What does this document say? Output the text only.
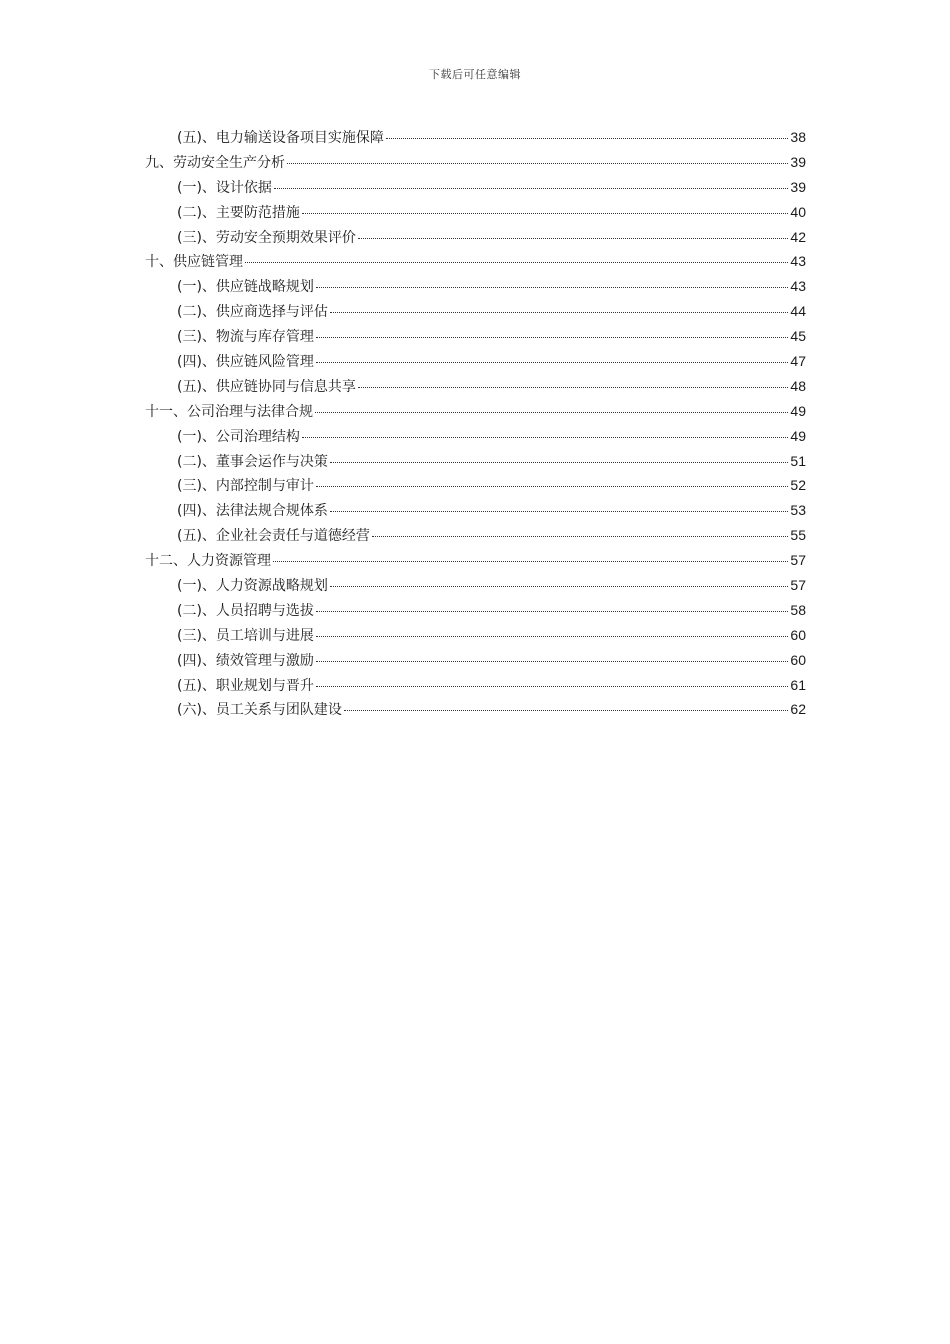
下载后可任意编辑
(五)、电力输送设备项目实施保障	38
九、劳动安全生产分析	39
(一)、设计依据	39
(二)、主要防范措施	40
(三)、劳动安全预期效果评价	42
十、供应链管理	43
(一)、供应链战略规划	43
(二)、供应商选择与评估	44
(三)、物流与库存管理	45
(四)、供应链风险管理	47
(五)、供应链协同与信息共享	48
十一、公司治理与法律合规	49
(一)、公司治理结构	49
(二)、董事会运作与决策	51
(三)、内部控制与审计	52
(四)、法律法规合规体系	53
(五)、企业社会责任与道德经营	55
十二、人力资源管理	57
(一)、人力资源战略规划	57
(二)、人员招聘与选拔	58
(三)、员工培训与进展	60
(四)、绩效管理与激励	60
(五)、职业规划与晋升	61
(六)、员工关系与团队建设	62
